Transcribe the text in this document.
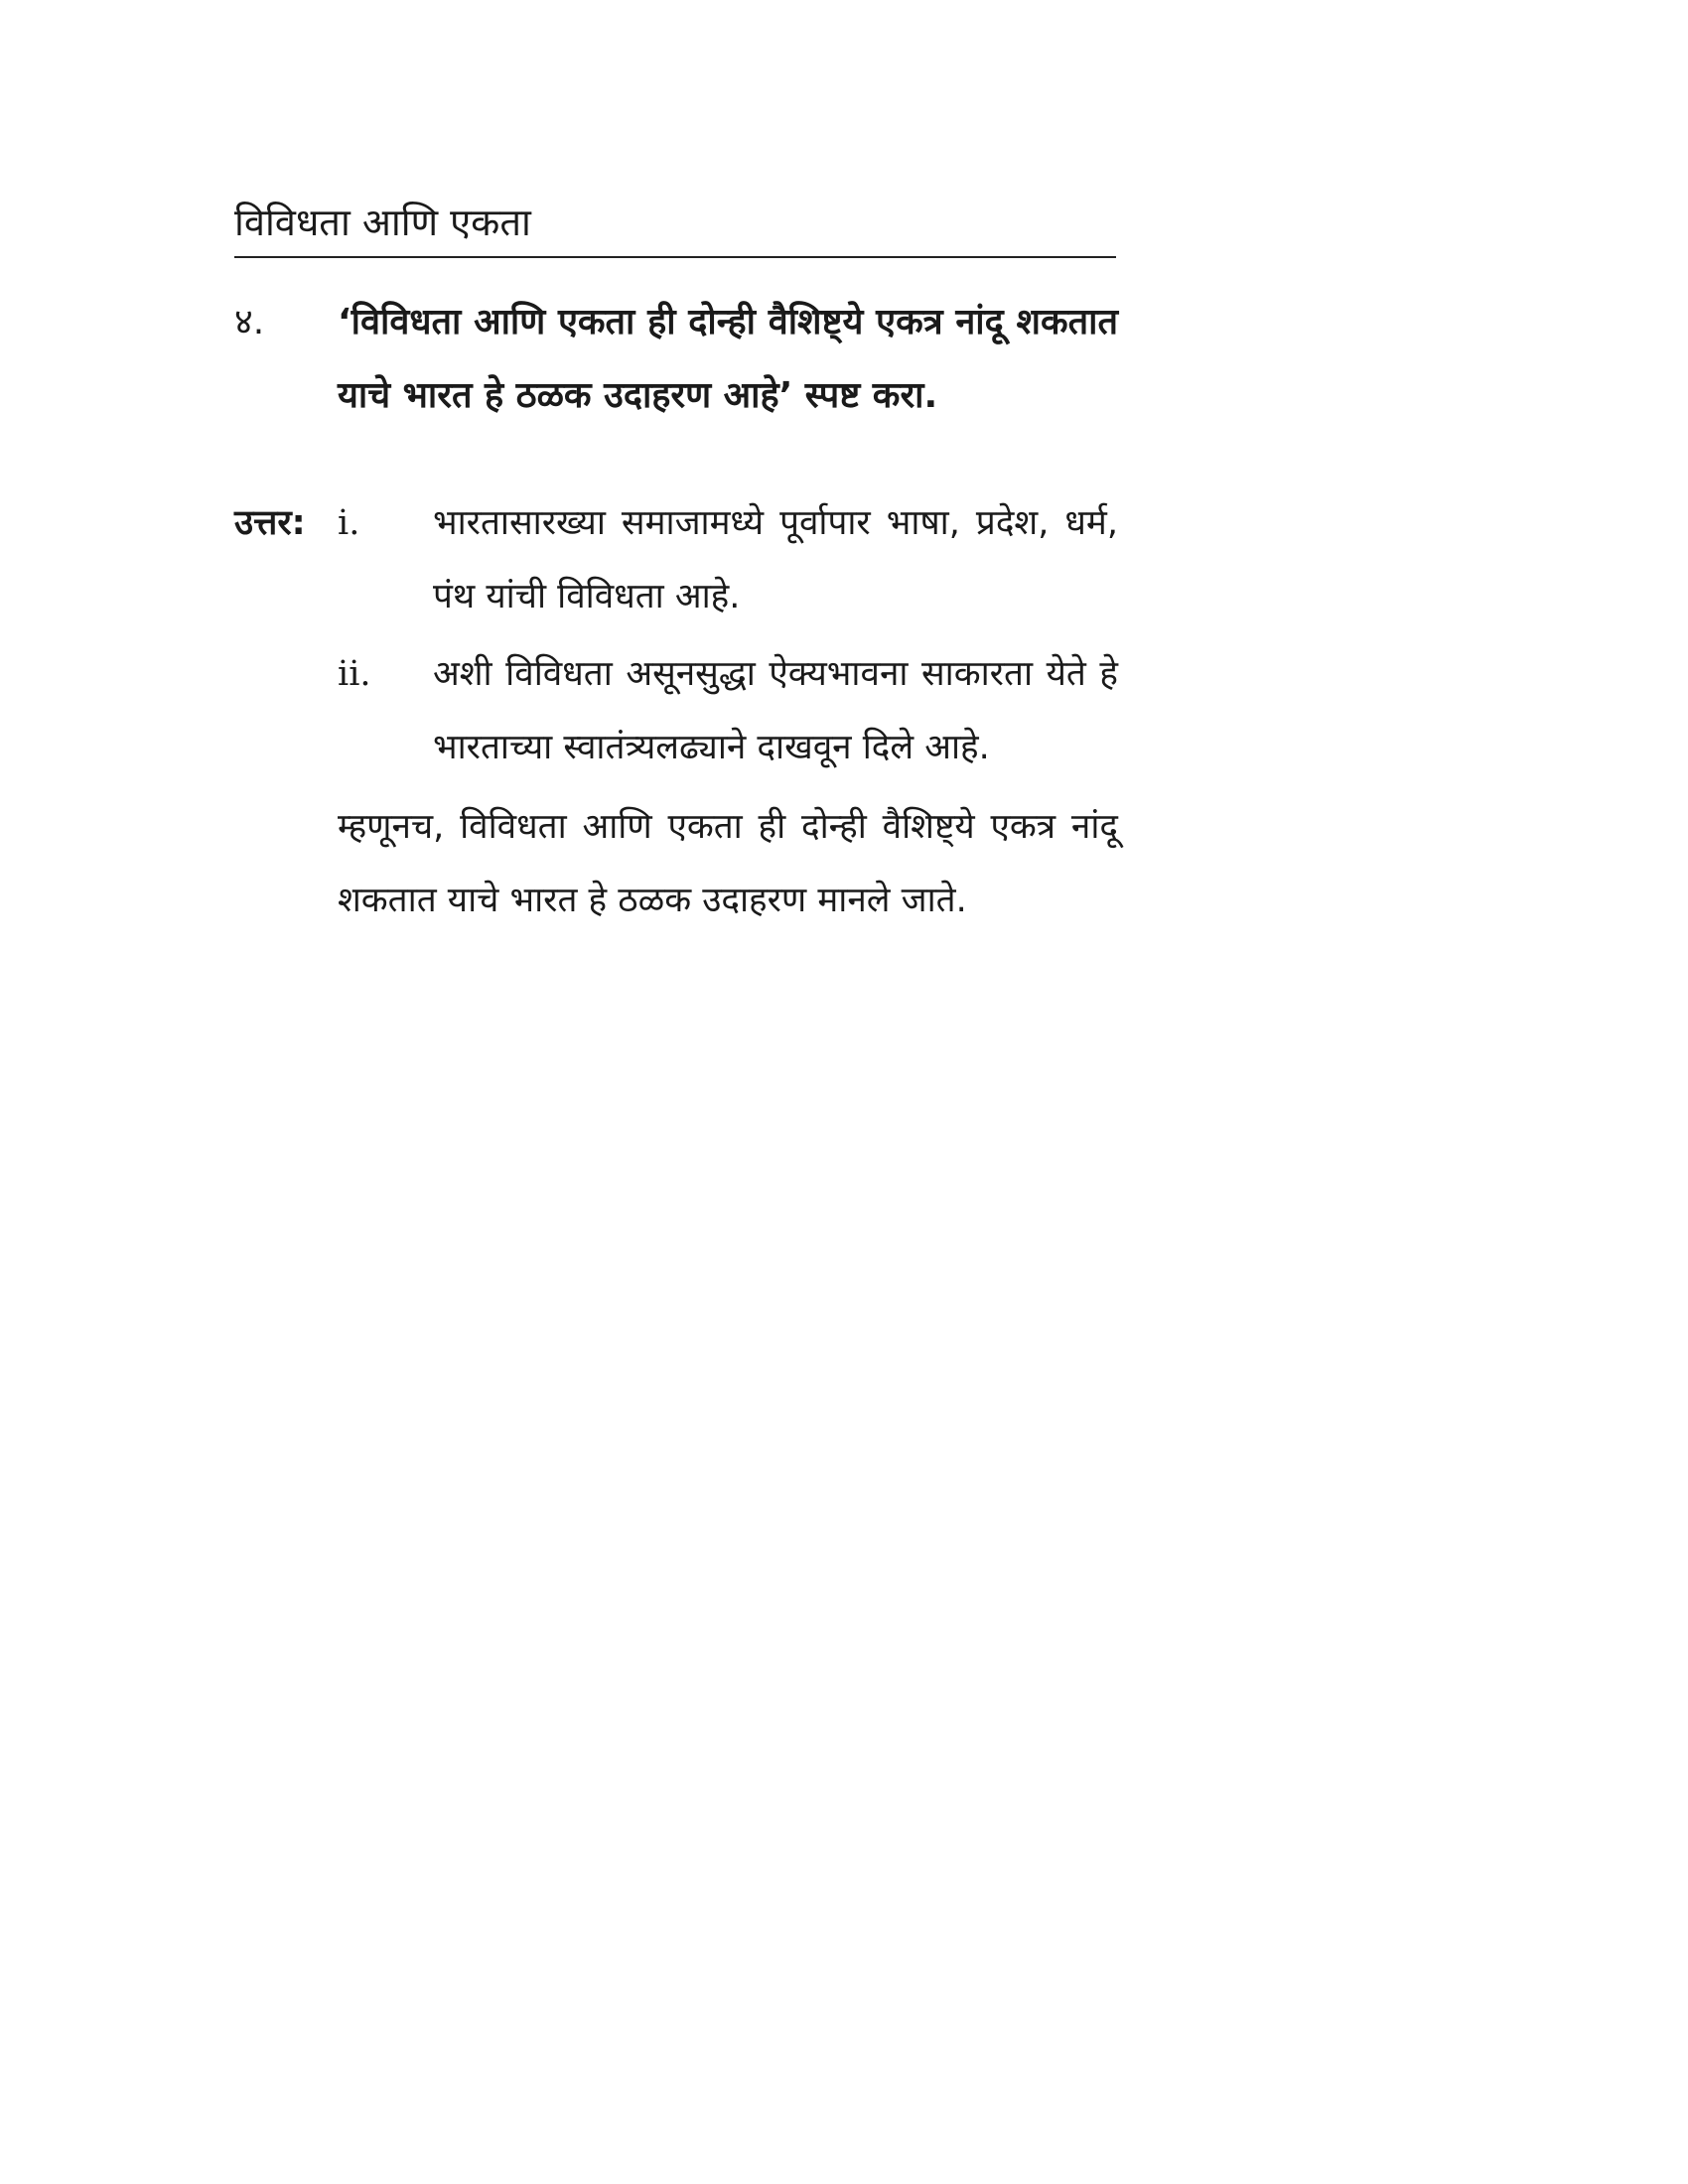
विविधता आणि एकता
४. ‘विविधता आणि एकता ही दोन्ही वैशिष्ट्ये एकत्र नांदू शकतात याचे भारत हे ठळक उदाहरण आहे’ स्पष्ट करा.
उत्तर: i. भारतासारख्या समाजामध्ये पूर्वापार भाषा, प्रदेश, धर्म, पंथ यांची विविधता आहे.
ii. अशी विविधता असूनसुद्धा ऐक्यभावना साकारता येते हे भारताच्या स्वातंत्र्यलढ्याने दाखवून दिले आहे.
म्हणूनच, विविधता आणि एकता ही दोन्ही वैशिष्ट्ये एकत्र नांदू शकतात याचे भारत हे ठळक उदाहरण मानले जाते.
